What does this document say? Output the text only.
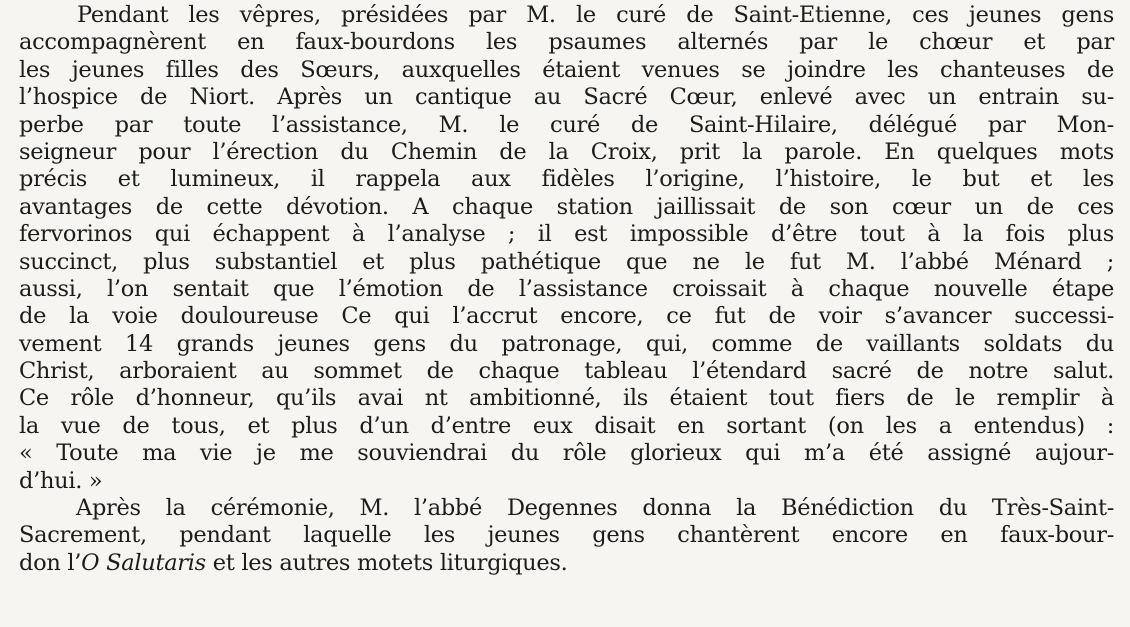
Pendant les vêpres, présidées par M. le curé de Saint-Etienne, ces jeunes gens
accompagnèrent en faux-bourdons les psaumes alternés par le chœur et par
les jeunes filles des Sœurs, auxquelles étaient venues se joindre les chanteuses de
l’hospice de Niort. Après un cantique au Sacré Cœur, enlevé avec un entrain su-
perbe par toute l’assistance, M. le curé de Saint-Hilaire, délégué par Mon-
seigneur pour l’érection du Chemin de la Croix, prit la parole. En quelques mots
précis et lumineux, il rappela aux fidèles l’origine, l’histoire, le but et les
avantages de cette dévotion. A chaque station jaillissait de son cœur un de ces
fervorinos qui échappent à l’analyse ; il est impossible d’être tout à la fois plus
succinct, plus substantiel et plus pathétique que ne le fut M. l’abbé Ménard ;
aussi, l’on sentait que l’émotion de l’assistance croissait à chaque nouvelle étape
de la voie douloureuse Ce qui l’accrut encore, ce fut de voir s’avancer successi-
vement 14 grands jeunes gens du patronage, qui, comme de vaillants soldats du
Christ, arboraient au sommet de chaque tableau l’étendard sacré de notre salut.
Ce rôle d’honneur, qu’ils avai nt ambitionné, ils étaient tout fiers de le remplir à
la vue de tous, et plus d’un d’entre eux disait en sortant (on les a entendus) :
« Toute ma vie je me souviendrai du rôle glorieux qui m’a été assigné aujour-
d’hui. »
Après la cérémonie, M. l’abbé Degennes donna la Bénédiction du Très-Saint-
Sacrement, pendant laquelle les jeunes gens chantèrent encore en faux-bour-
don l’O Salutaris et les autres motets liturgiques.
